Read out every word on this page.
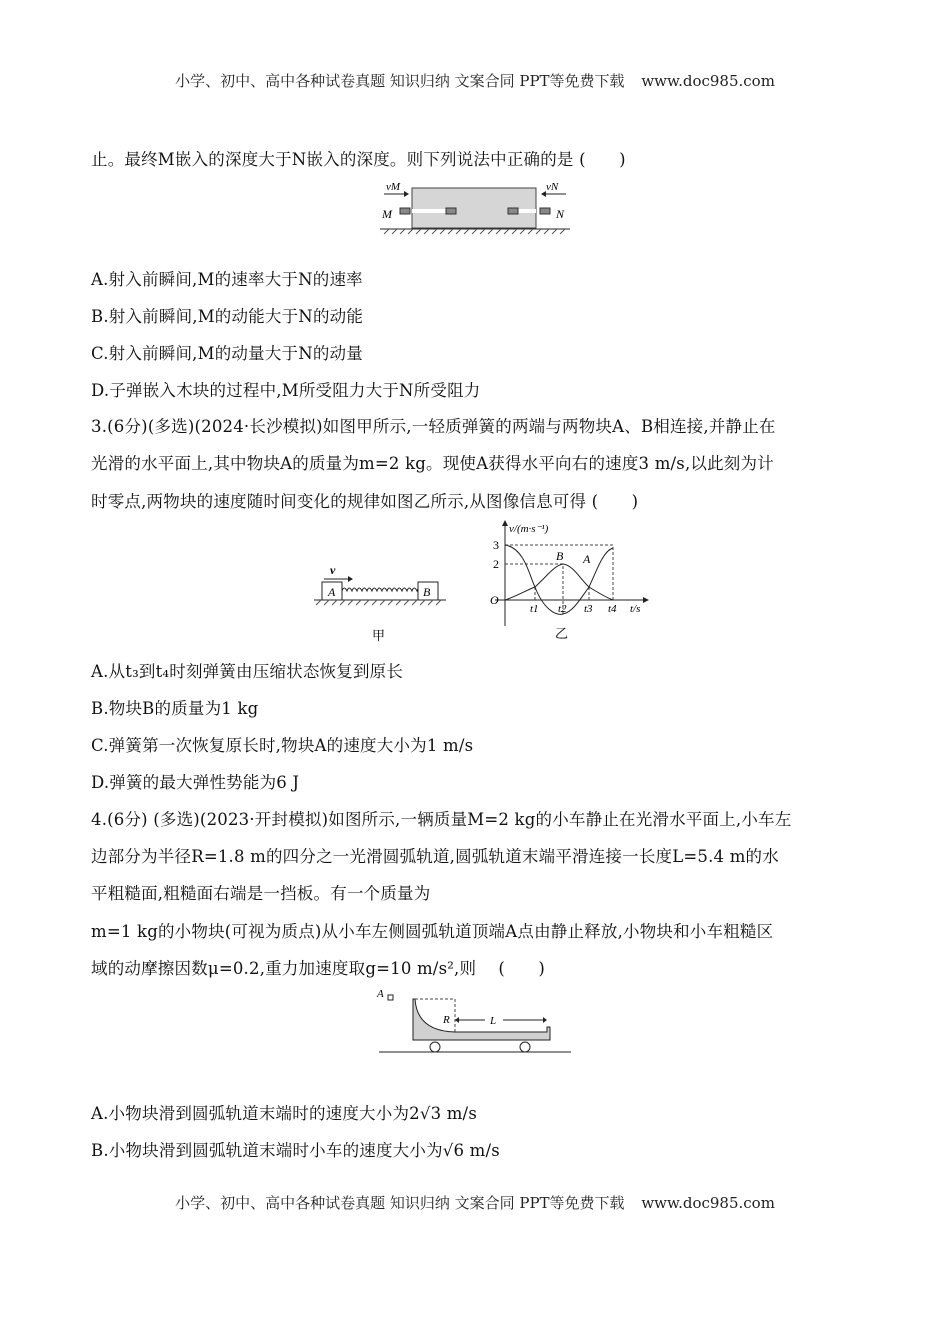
小学、初中、高中各种试卷真题 知识归纳 文案合同 PPT等免费下载 www.doc985.com
止。最终M嵌入的深度大于N嵌入的深度。则下列说法中正确的是 (　　)
vM	vN
M	N
A.射入前瞬间,M的速率大于N的速率
B.射入前瞬间,M的动能大于N的动能
C.射入前瞬间,M的动量大于N的动量
D.子弹嵌入木块的过程中,M所受阻力大于N所受阻力
3.(6分)(多选)(2024·长沙模拟)如图甲所示,一轻质弹簧的两端与两物块A、B相连接,并静止在
光滑的水平面上,其中物块A的质量为m=2 kg。现使A获得水平向右的速度3 m/s,以此刻为计
时零点,两物块的速度随时间变化的规律如图乙所示,从图像信息可得 (　　)
v
A	B
甲
v/(m·s⁻¹)
3
2
O
B A
t1 t2 t3 t4 t/s
乙
A.从t₃到t₄时刻弹簧由压缩状态恢复到原长
B.物块B的质量为1 kg
C.弹簧第一次恢复原长时,物块A的速度大小为1 m/s
D.弹簧的最大弹性势能为6 J
4.(6分) (多选)(2023·开封模拟)如图所示,一辆质量M=2 kg的小车静止在光滑水平面上,小车左
边部分为半径R=1.8 m的四分之一光滑圆弧轨道,圆弧轨道末端平滑连接一长度L=5.4 m的水
平粗糙面,粗糙面右端是一挡板。有一个质量为
m=1 kg的小物块(可视为质点)从小车左侧圆弧轨道顶端A点由静止释放,小物块和小车粗糙区
域的动摩擦因数μ=0.2,重力加速度取g=10 m/s²,则　 (　　)
A
R	L
A.小物块滑到圆弧轨道末端时的速度大小为2√3 m/s
B.小物块滑到圆弧轨道末端时小车的速度大小为√6 m/s
小学、初中、高中各种试卷真题 知识归纳 文案合同 PPT等免费下载 www.doc985.com
